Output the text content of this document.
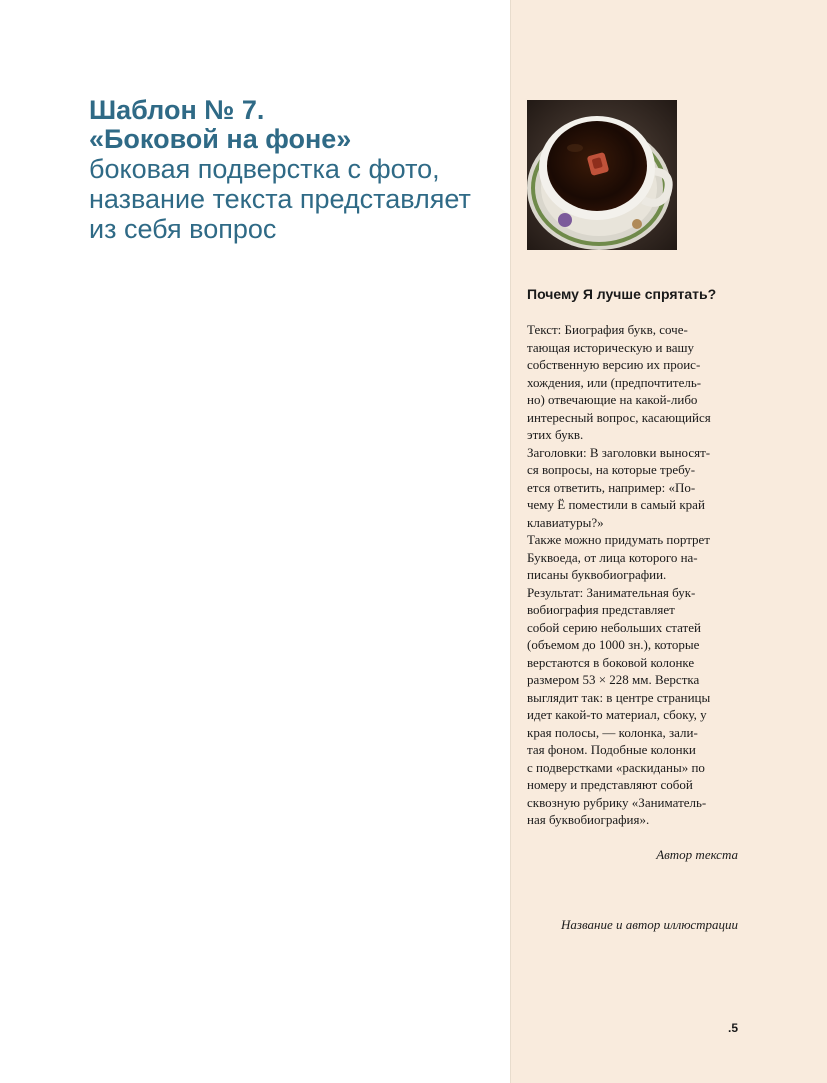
Шаблон № 7.
«Боковой на фоне»
боковая подверстка с фото,
название текста представляет
из себя вопрос
Почему Я лучше спрятать?
Текст: Биография букв, соче-
тающая историческую и вашу
собственную версию их проис-
хождения, или (предпочтитель-
но) отвечающие на какой-либо
интересный вопрос, касающийся
этих букв.
Заголовки: В заголовки выносят-
ся вопросы, на которые требу-
ется ответить, например: «По-
чему Ё поместили в самый край
клавиатуры?»
Также можно придумать портрет
Буквоеда, от лица которого на-
писаны буквобиографии.
Результат: Занимательная бук-
вобиография представляет
собой серию небольших статей
(объемом до 1000 зн.), которые
верстаются в боковой колонке
размером 53 × 228 мм. Верстка
выглядит так: в центре страницы
идет какой-то материал, сбоку, у
края полосы, — колонка, зали-
тая фоном. Подобные колонки
с подверстками «раскиданы» по
номеру и представляют собой
сквозную рубрику «Заниматель-
ная буквобиография».
Автор текста
Название и автор иллюстрации
.5
